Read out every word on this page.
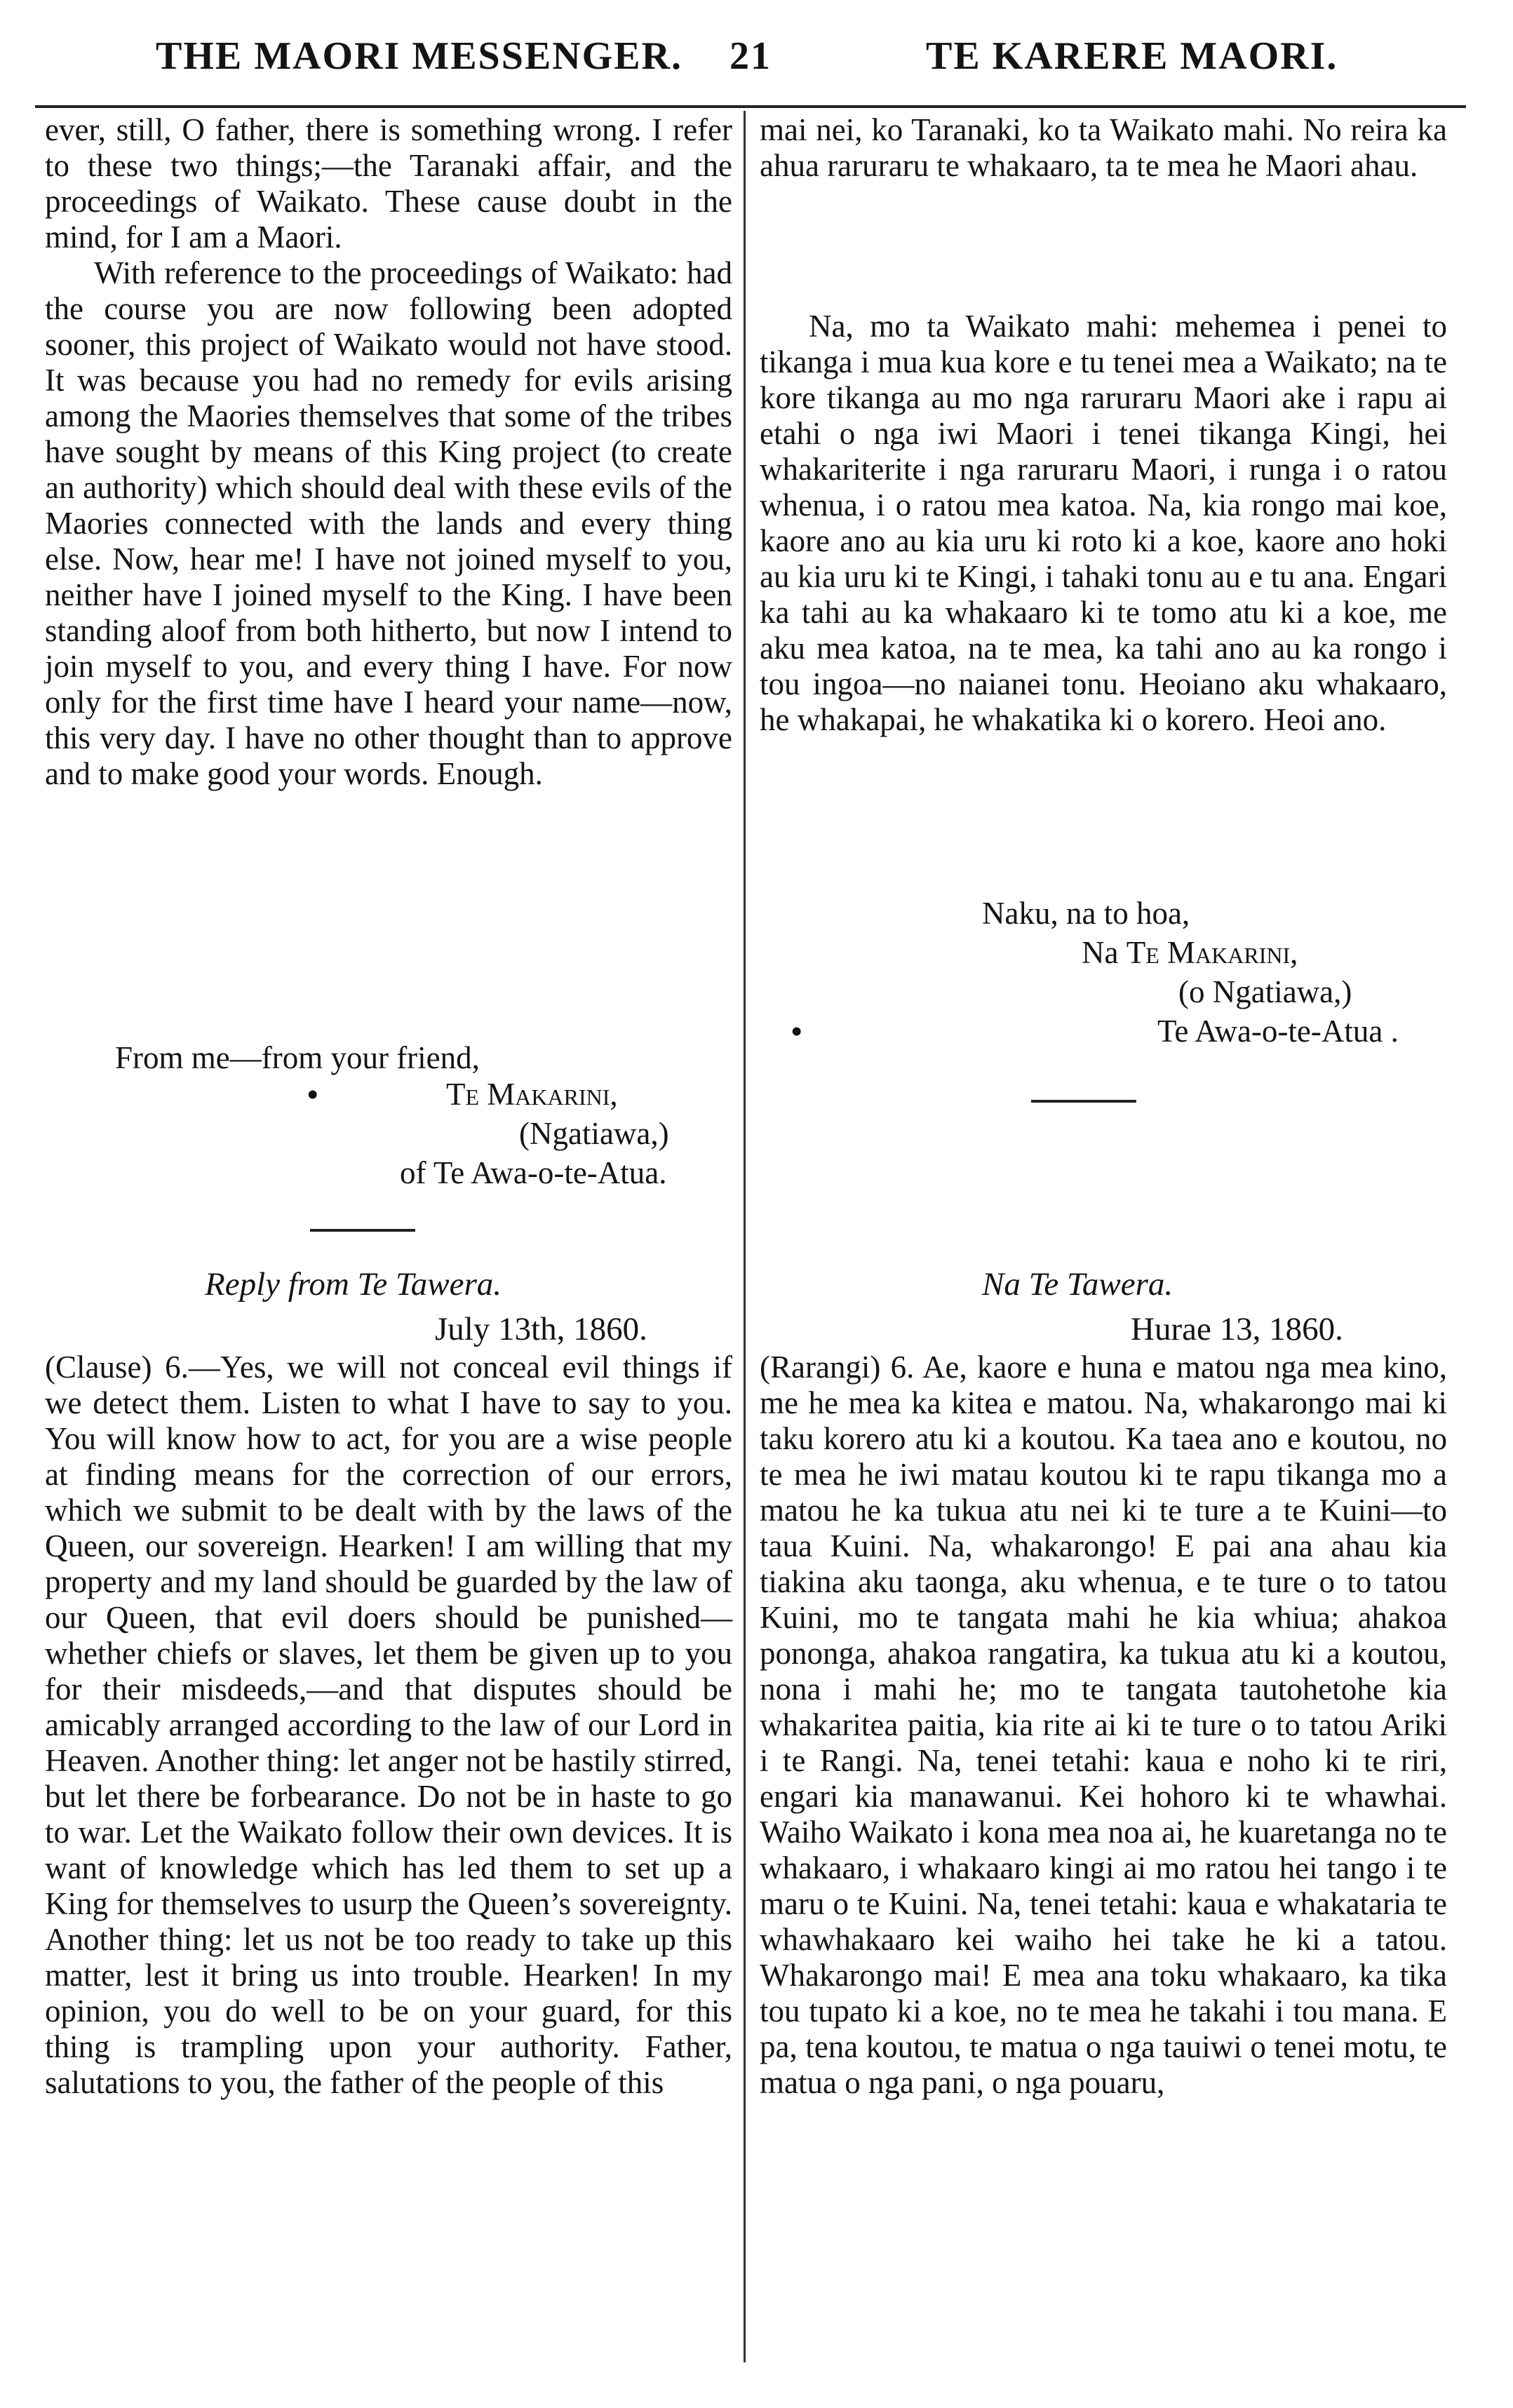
THE MAORI MESSENGER. 21	TE KARERE MAORI.

ever, still, O father, there is something wrong. I refer to these two things;—the Taranaki affair, and the proceedings of Waikato. These cause doubt in the mind, for I am a Maori.

With reference to the proceedings of Waikato: had the course you are now following been adopted sooner, this project of Waikato would not have stood. It was because you had no remedy for evils arising among the Maories themselves that some of the tribes have sought by means of this King project (to create an authority) which should deal with these evils of the Maories connected with the lands and every thing else. Now, hear me! I have not joined myself to you, neither have I joined myself to the King. I have been standing aloof from both hitherto, but now I intend to join myself to you, and every thing I have. For now only for the first time have I heard your name—now, this very day. I have no other thought than to approve and to make good your words. Enough.

From me—from your friend,
•	Te Makarini,
(Ngatiawa,)
of Te Awa-o-te-Atua.
Reply from Te Tawera.
July 13th, 1860.

(Clause) 6.—Yes, we will not conceal evil things if we detect them. Listen to what I have to say to you. You will know how to act, for you are a wise people at finding means for the correction of our errors, which we submit to be dealt with by the laws of the Queen, our sovereign. Hearken! I am willing that my property and my land should be guarded by the law of our Queen, that evil doers should be punished—whether chiefs or slaves, let them be given up to you for their misdeeds,—and that disputes should be amicably arranged according to the law of our Lord in Heaven. Another thing: let anger not be hastily stirred, but let there be forbearance. Do not be in haste to go to war. Let the Waikato follow their own devices. It is want of knowledge which has led them to set up a King for themselves to usurp the Queen’s sovereignty. Another thing: let us not be too ready to take up this matter, lest it bring us into trouble. Hearken! In my opinion, you do well to be on your guard, for this thing is trampling upon your authority. Father, salutations to you, the father of the people of this

mai nei, ko Taranaki, ko ta Waikato mahi. No reira ka ahua raruraru te whakaaro, ta te mea he Maori ahau.

Na, mo ta Waikato mahi: mehemea i penei to tikanga i mua kua kore e tu tenei mea a Waikato; na te kore tikanga au mo nga raruraru Maori ake i rapu ai etahi o nga iwi Maori i tenei tikanga Kingi, hei whakariterite i nga raruraru Maori, i runga i o ratou whenua, i o ratou mea katoa. Na, kia rongo mai koe, kaore ano au kia uru ki roto ki a koe, kaore ano hoki au kia uru ki te Kingi, i tahaki tonu au e tu ana. Engari ka tahi au ka whakaaro ki te tomo atu ki a koe, me aku mea katoa, na te mea, ka tahi ano au ka rongo i tou ingoa—no naianei tonu. Heoiano aku whakaaro, he whakapai, he whakatika ki o korero. Heoi ano.

Naku, na to hoa,
Na Te Makarini,
(o Ngatiawa,)
•	Te Awa-o-te-Atua .
Na Te Tawera.
Hurae 13, 1860.

(Rarangi) 6. Ae, kaore e huna e matou nga mea kino, me he mea ka kitea e matou. Na, whakarongo mai ki taku korero atu ki a koutou. Ka taea ano e koutou, no te mea he iwi matau koutou ki te rapu tikanga mo a matou he ka tukua atu nei ki te ture a te Kuini—to taua Kuini. Na, whakarongo! E pai ana ahau kia tiakina aku taonga, aku whenua, e te ture o to tatou Kuini, mo te tangata mahi he kia whiua; ahakoa pononga, ahakoa rangatira, ka tukua atu ki a koutou, nona i mahi he; mo te tangata tautohetohe kia whakaritea paitia, kia rite ai ki te ture o to tatou Ariki i te Rangi. Na, tenei tetahi: kaua e noho ki te riri, engari kia manawanui. Kei hohoro ki te whawhai. Waiho Waikato i kona mea noa ai, he kuaretanga no te whakaaro, i whakaaro kingi ai mo ratou hei tango i te maru o te Kuini. Na, tenei tetahi: kaua e whakataria te whawhakaaro kei waiho hei take he ki a tatou. Whakarongo mai! E mea ana toku whakaaro, ka tika tou tupato ki a koe, no te mea he takahi i tou mana. E pa, tena koutou, te matua o nga tauiwi o tenei motu, te matua o nga pani, o nga pouaru,
